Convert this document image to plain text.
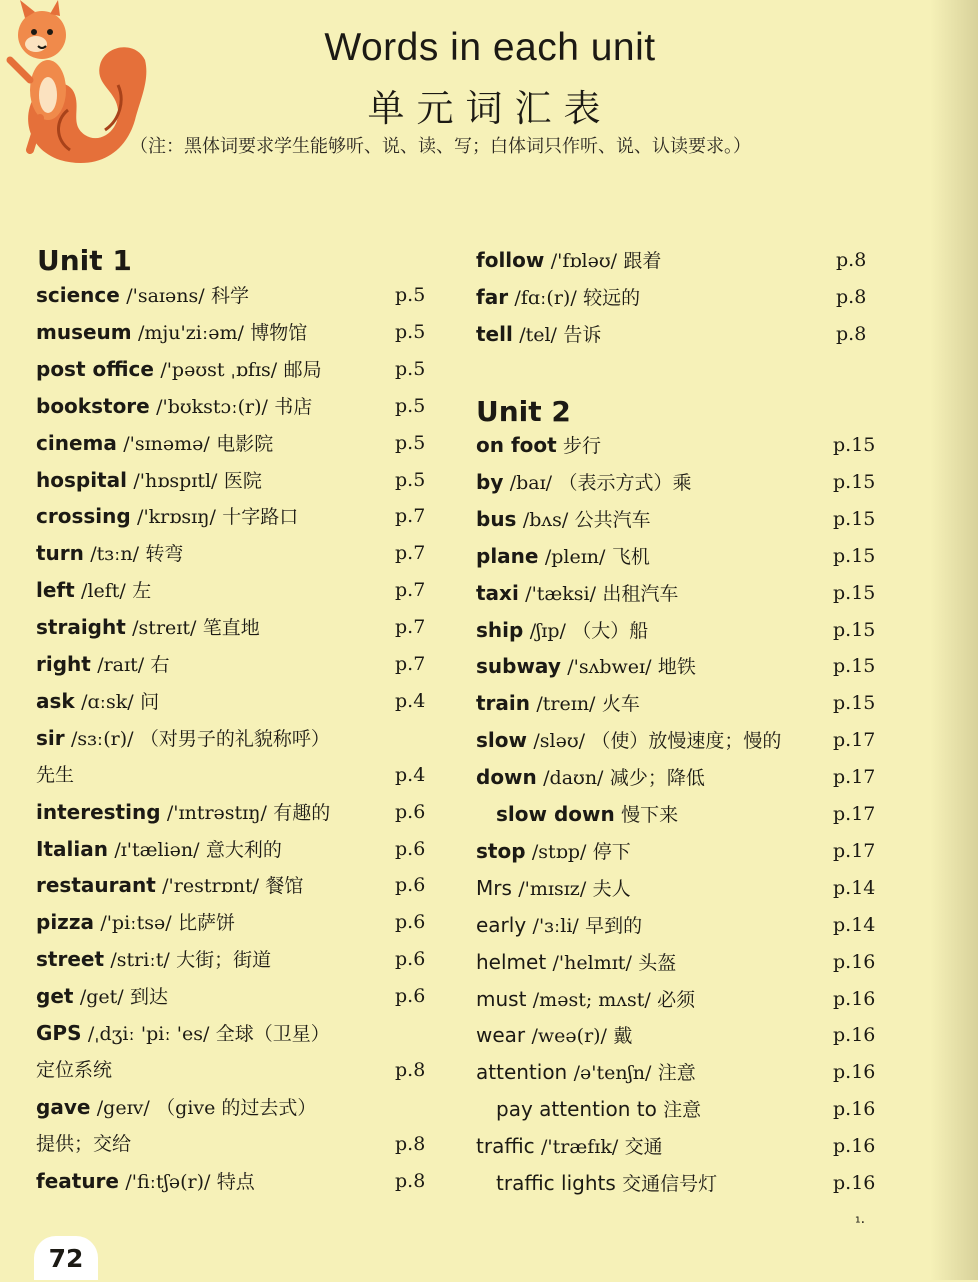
Words in each unit
单元词汇表
（注：黑体词要求学生能够听、说、读、写；白体词只作听、说、认读要求。）
Unit 1
science /'saɪəns/ 科学	p.5
museum /mju'ziːəm/ 博物馆	p.5
post office /'pəʊst ˌɒfɪs/ 邮局	p.5
bookstore /'bʊkstɔː(r)/ 书店	p.5
cinema /'sɪnəmə/ 电影院	p.5
hospital /'hɒspɪtl/ 医院	p.5
crossing /'krɒsɪŋ/ 十字路口	p.7
turn /tɜːn/ 转弯	p.7
left /left/ 左	p.7
straight /streɪt/ 笔直地	p.7
right /raɪt/ 右	p.7
ask /ɑːsk/ 问	p.4
sir /sɜː(r)/ （对男子的礼貌称呼）
先生	p.4
interesting /'ɪntrəstɪŋ/ 有趣的	p.6
Italian /ɪ'tæliən/ 意大利的	p.6
restaurant /'restrɒnt/ 餐馆	p.6
pizza /'piːtsə/ 比萨饼	p.6
street /striːt/ 大街；街道	p.6
get /get/ 到达	p.6
GPS /ˌdʒiː 'piː 'es/ 全球（卫星）
定位系统	p.8
gave /geɪv/ （give 的过去式）
提供；交给	p.8
feature /'fiːtʃə(r)/ 特点	p.8
follow /'fɒləʊ/ 跟着	p.8
far /fɑː(r)/ 较远的	p.8
tell /tel/ 告诉	p.8
Unit 2
on foot 步行	p.15
by /baɪ/ （表示方式）乘	p.15
bus /bʌs/ 公共汽车	p.15
plane /pleɪn/ 飞机	p.15
taxi /'tæksi/ 出租汽车	p.15
ship /ʃɪp/ （大）船	p.15
subway /'sʌbweɪ/ 地铁	p.15
train /treɪn/ 火车	p.15
slow /sləʊ/ （使）放慢速度；慢的	p.17
down /daʊn/ 减少；降低	p.17
slow down 慢下来	p.17
stop /stɒp/ 停下	p.17
Mrs /'mɪsɪz/ 夫人	p.14
early /'ɜːli/ 早到的	p.14
helmet /'helmɪt/ 头盔	p.16
must /məst; mʌst/ 必须	p.16
wear /weə(r)/ 戴	p.16
attention /ə'tenʃn/ 注意	p.16
pay attention to 注意	p.16
traffic /'træfɪk/ 交通	p.16
traffic lights 交通信号灯	p.16
72
¹·
